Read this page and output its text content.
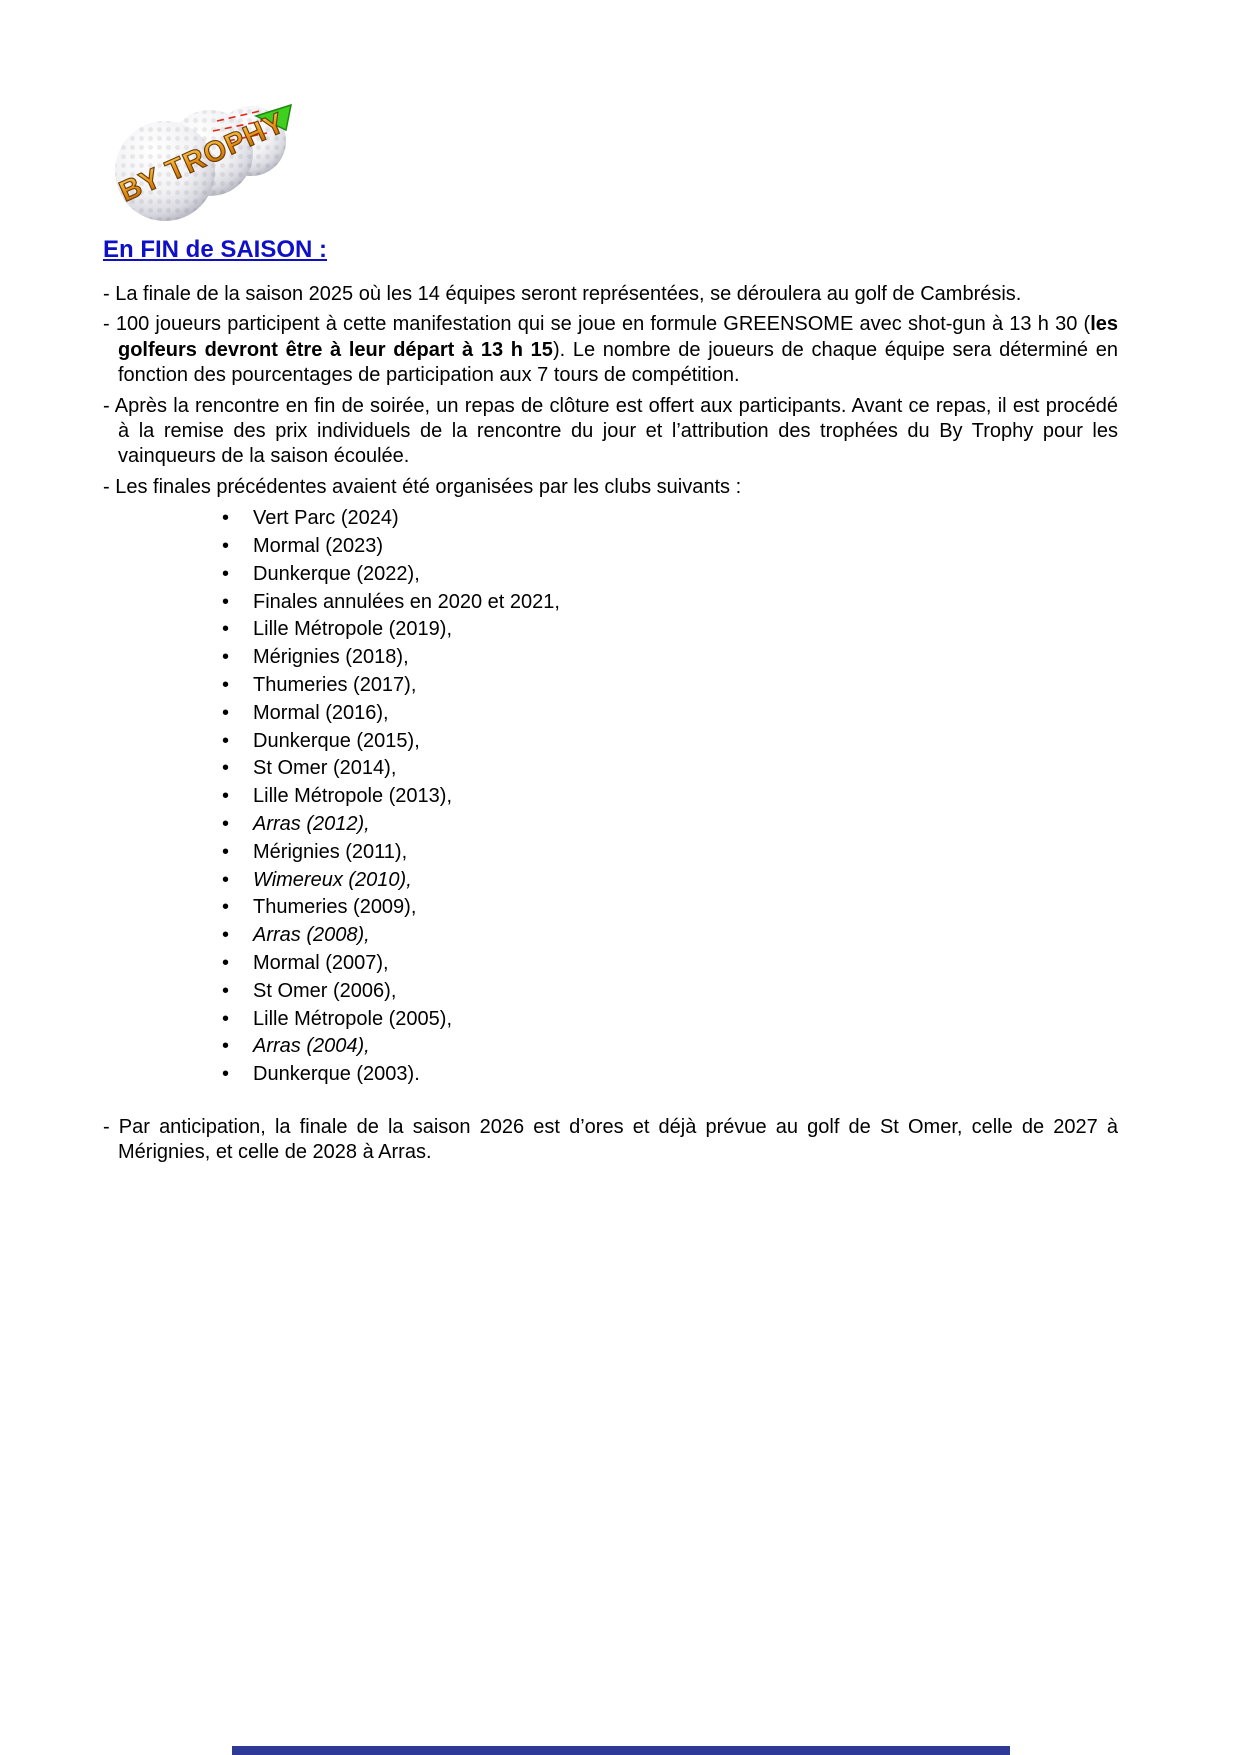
BY TROPHY
En FIN de SAISON :

- La finale de la saison 2025 où les 14 équipes seront représentées, se déroulera au golf de Cambrésis.

- 100 joueurs participent à cette manifestation qui se joue en formule GREENSOME avec shot-gun à 13 h 30 (les golfeurs devront être à leur départ à 13 h 15). Le nombre de joueurs de chaque équipe sera déterminé en fonction des pourcentages de participation aux 7 tours de compétition.

- Après la rencontre en fin de soirée, un repas de clôture est offert aux participants. Avant ce repas, il est procédé à la remise des prix individuels de la rencontre du jour et l’attribution des trophées du By Trophy pour les vainqueurs de la saison écoulée.

- Les finales précédentes avaient été organisées par les clubs suivants :

• Vert Parc (2024)
• Mormal (2023)
• Dunkerque (2022),
• Finales annulées en 2020 et 2021,
• Lille Métropole (2019),
• Mérignies (2018),
• Thumeries (2017),
• Mormal (2016),
• Dunkerque (2015),
• St Omer (2014),
• Lille Métropole (2013),
• Arras (2012),
• Mérignies (2011),
• Wimereux (2010),
• Thumeries (2009),
• Arras (2008),
• Mormal (2007),
• St Omer (2006),
• Lille Métropole (2005),
• Arras (2004),
• Dunkerque (2003).

- Par anticipation, la finale de la saison 2026 est d’ores et déjà prévue au golf de St Omer, celle de 2027 à Mérignies, et celle de 2028 à Arras.
